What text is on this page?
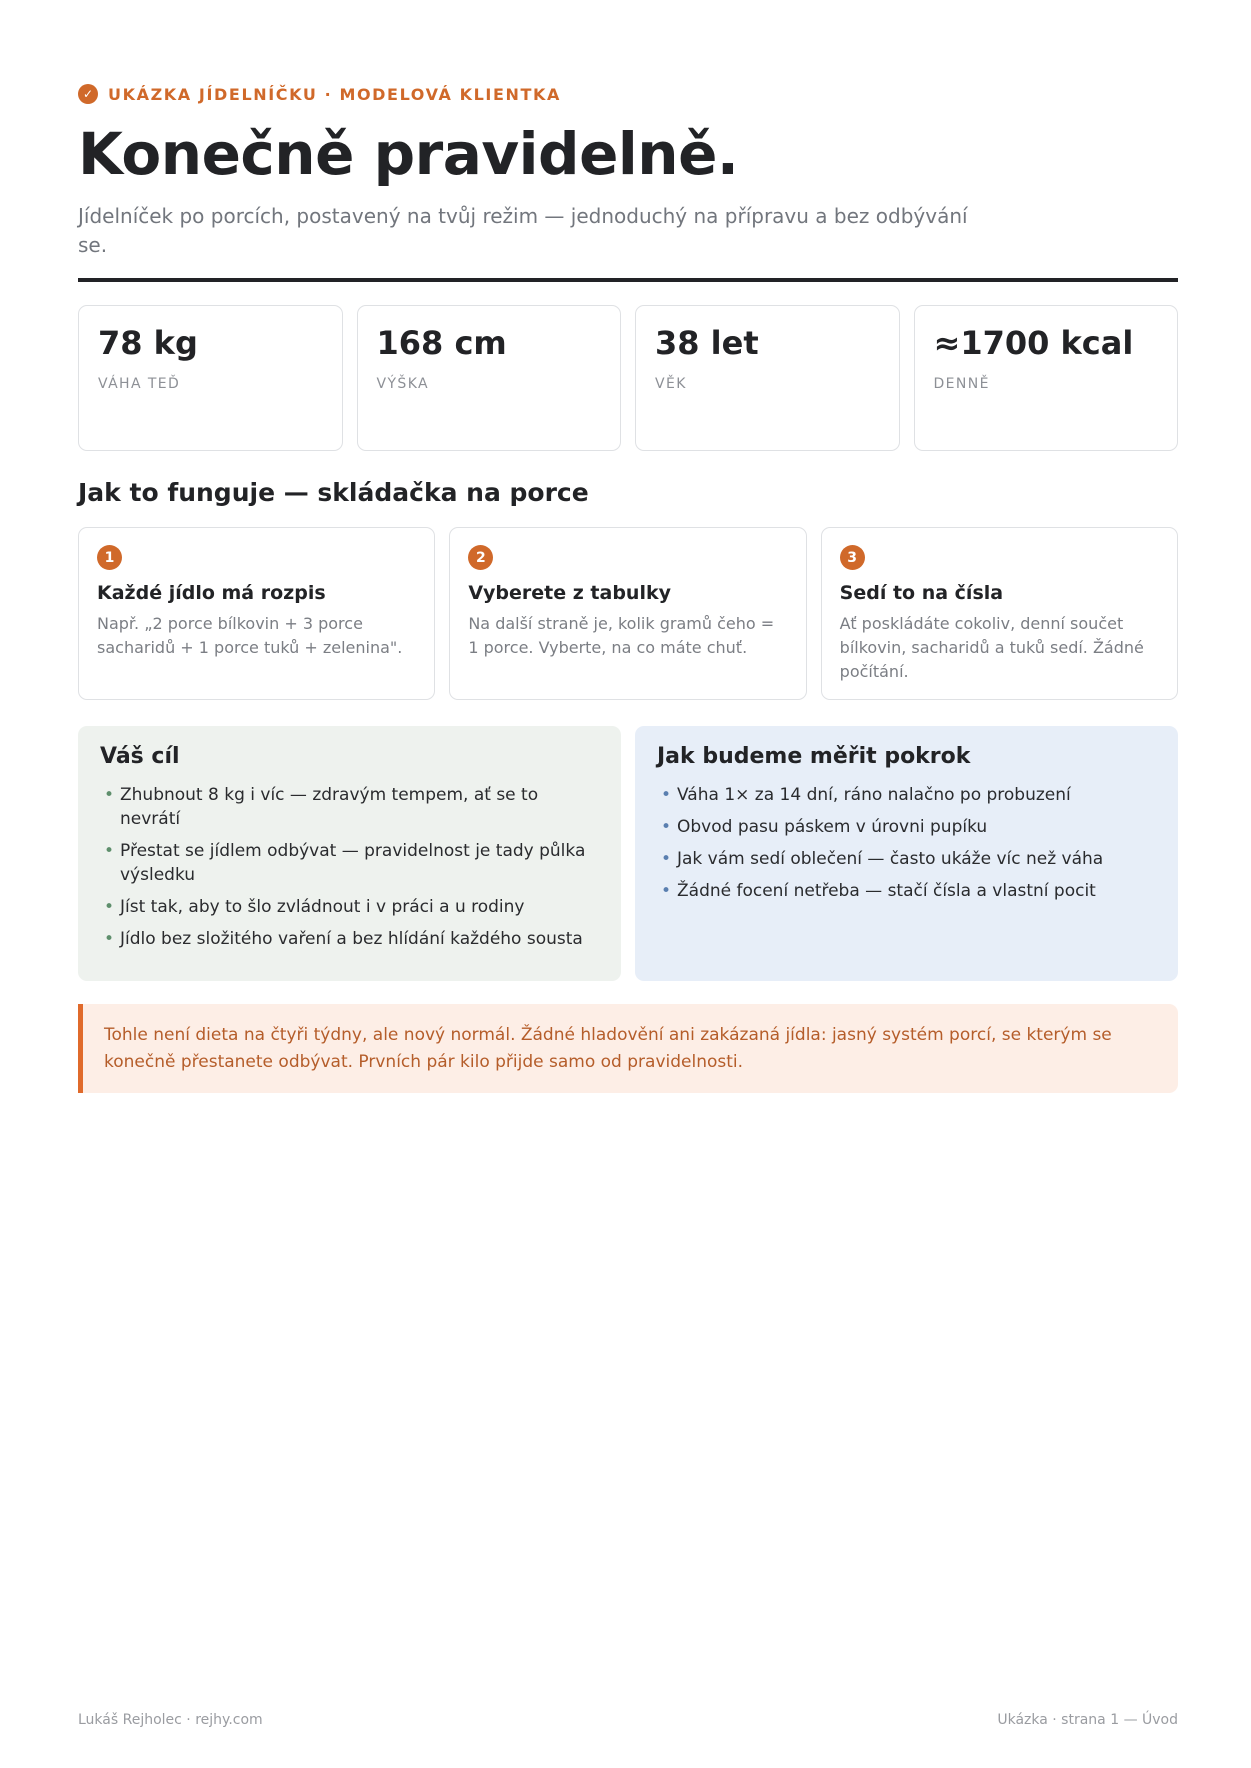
✓ UKÁZKA JÍDELNÍČKU · MODELOVÁ KLIENTKA
Konečně pravidelně.

Jídelníček po porcích, postavený na tvůj režim — jednoduchý na přípravu a bez odbývání se.

78 kg
VÁHA TEĎ
168 cm
VÝŠKA
38 let
VĚK
≈1700 kcal
DENNĚ
Jak to funguje — skládačka na porce
1
Každé jídlo má rozpis
Např. „2 porce bílkovin + 3 porce sacharidů + 1 porce tuků + zelenina".
2
Vyberete z tabulky
Na další straně je, kolik gramů čeho = 1 porce. Vyberte, na co máte chuť.
3
Sedí to na čísla
Ať poskládáte cokoliv, denní součet bílkovin, sacharidů a tuků sedí. Žádné počítání.
Váš cíl
• Zhubnout 8 kg i víc — zdravým tempem, ať se to nevrátí
• Přestat se jídlem odbývat — pravidelnost je tady půlka výsledku
• Jíst tak, aby to šlo zvládnout i v práci a u rodiny
• Jídlo bez složitého vaření a bez hlídání každého sousta
Jak budeme měřit pokrok
• Váha 1× za 14 dní, ráno nalačno po probuzení
• Obvod pasu páskem v úrovni pupíku
• Jak vám sedí oblečení — často ukáže víc než váha
• Žádné focení netřeba — stačí čísla a vlastní pocit
Tohle není dieta na čtyři týdny, ale nový normál. Žádné hladovění ani zakázaná jídla: jasný systém porcí, se kterým se konečně přestanete odbývat. Prvních pár kilo přijde samo od pravidelnosti.
Lukáš Rejholec · rejhy.com	Ukázka · strana 1 — Úvod
